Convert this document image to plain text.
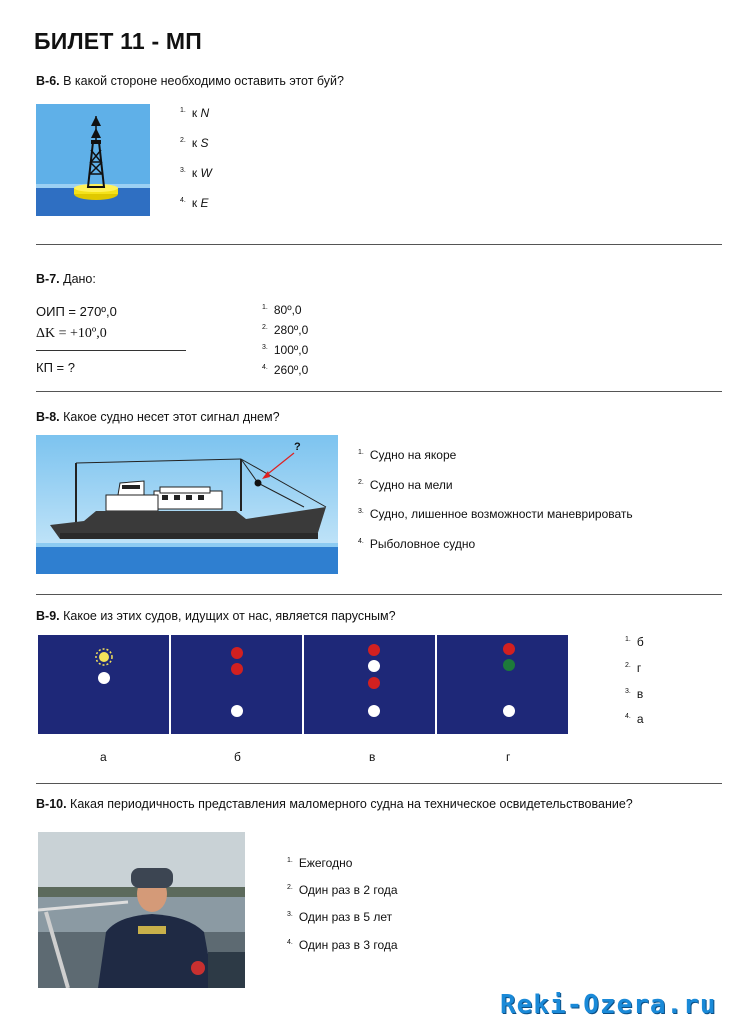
БИЛЕТ 11 - МП
В-6. В какой стороне необходимо оставить этот буй?
$^{1.}$ к N
$^{2.}$ к S
$^{3.}$ к W
$^{4.}$ к E
В-7. Дано:
ОИП = 270º,0
ΔK = +10º,0
КП = ?
$^{1.}$ 80º,0
$^{2.}$ 280º,0
$^{3.}$ 100º,0
$^{4.}$ 260º,0
В-8. Какое судно несет этот сигнал днем?
?	$^{1.}$ Судно на якоре
$^{2.}$ Судно на мели
$^{3.}$ Судно, лишенное возможности маневрировать
$^{4.}$ Рыболовное судно
В-9. Какое из этих судов, идущих от нас, является парусным?
а	б	в	г
$^{1.}$ б
$^{2.}$ г
$^{3.}$ в
$^{4.}$ а
В-10. Какая периодичность представления маломерного судна на техническое освидетельствование?
$^{1.}$ Ежегодно
$^{2.}$ Один раз в 2 года
$^{3.}$ Один раз в 5 лет
$^{4.}$ Один раз в 3 года
Reki-Ozera.ru
